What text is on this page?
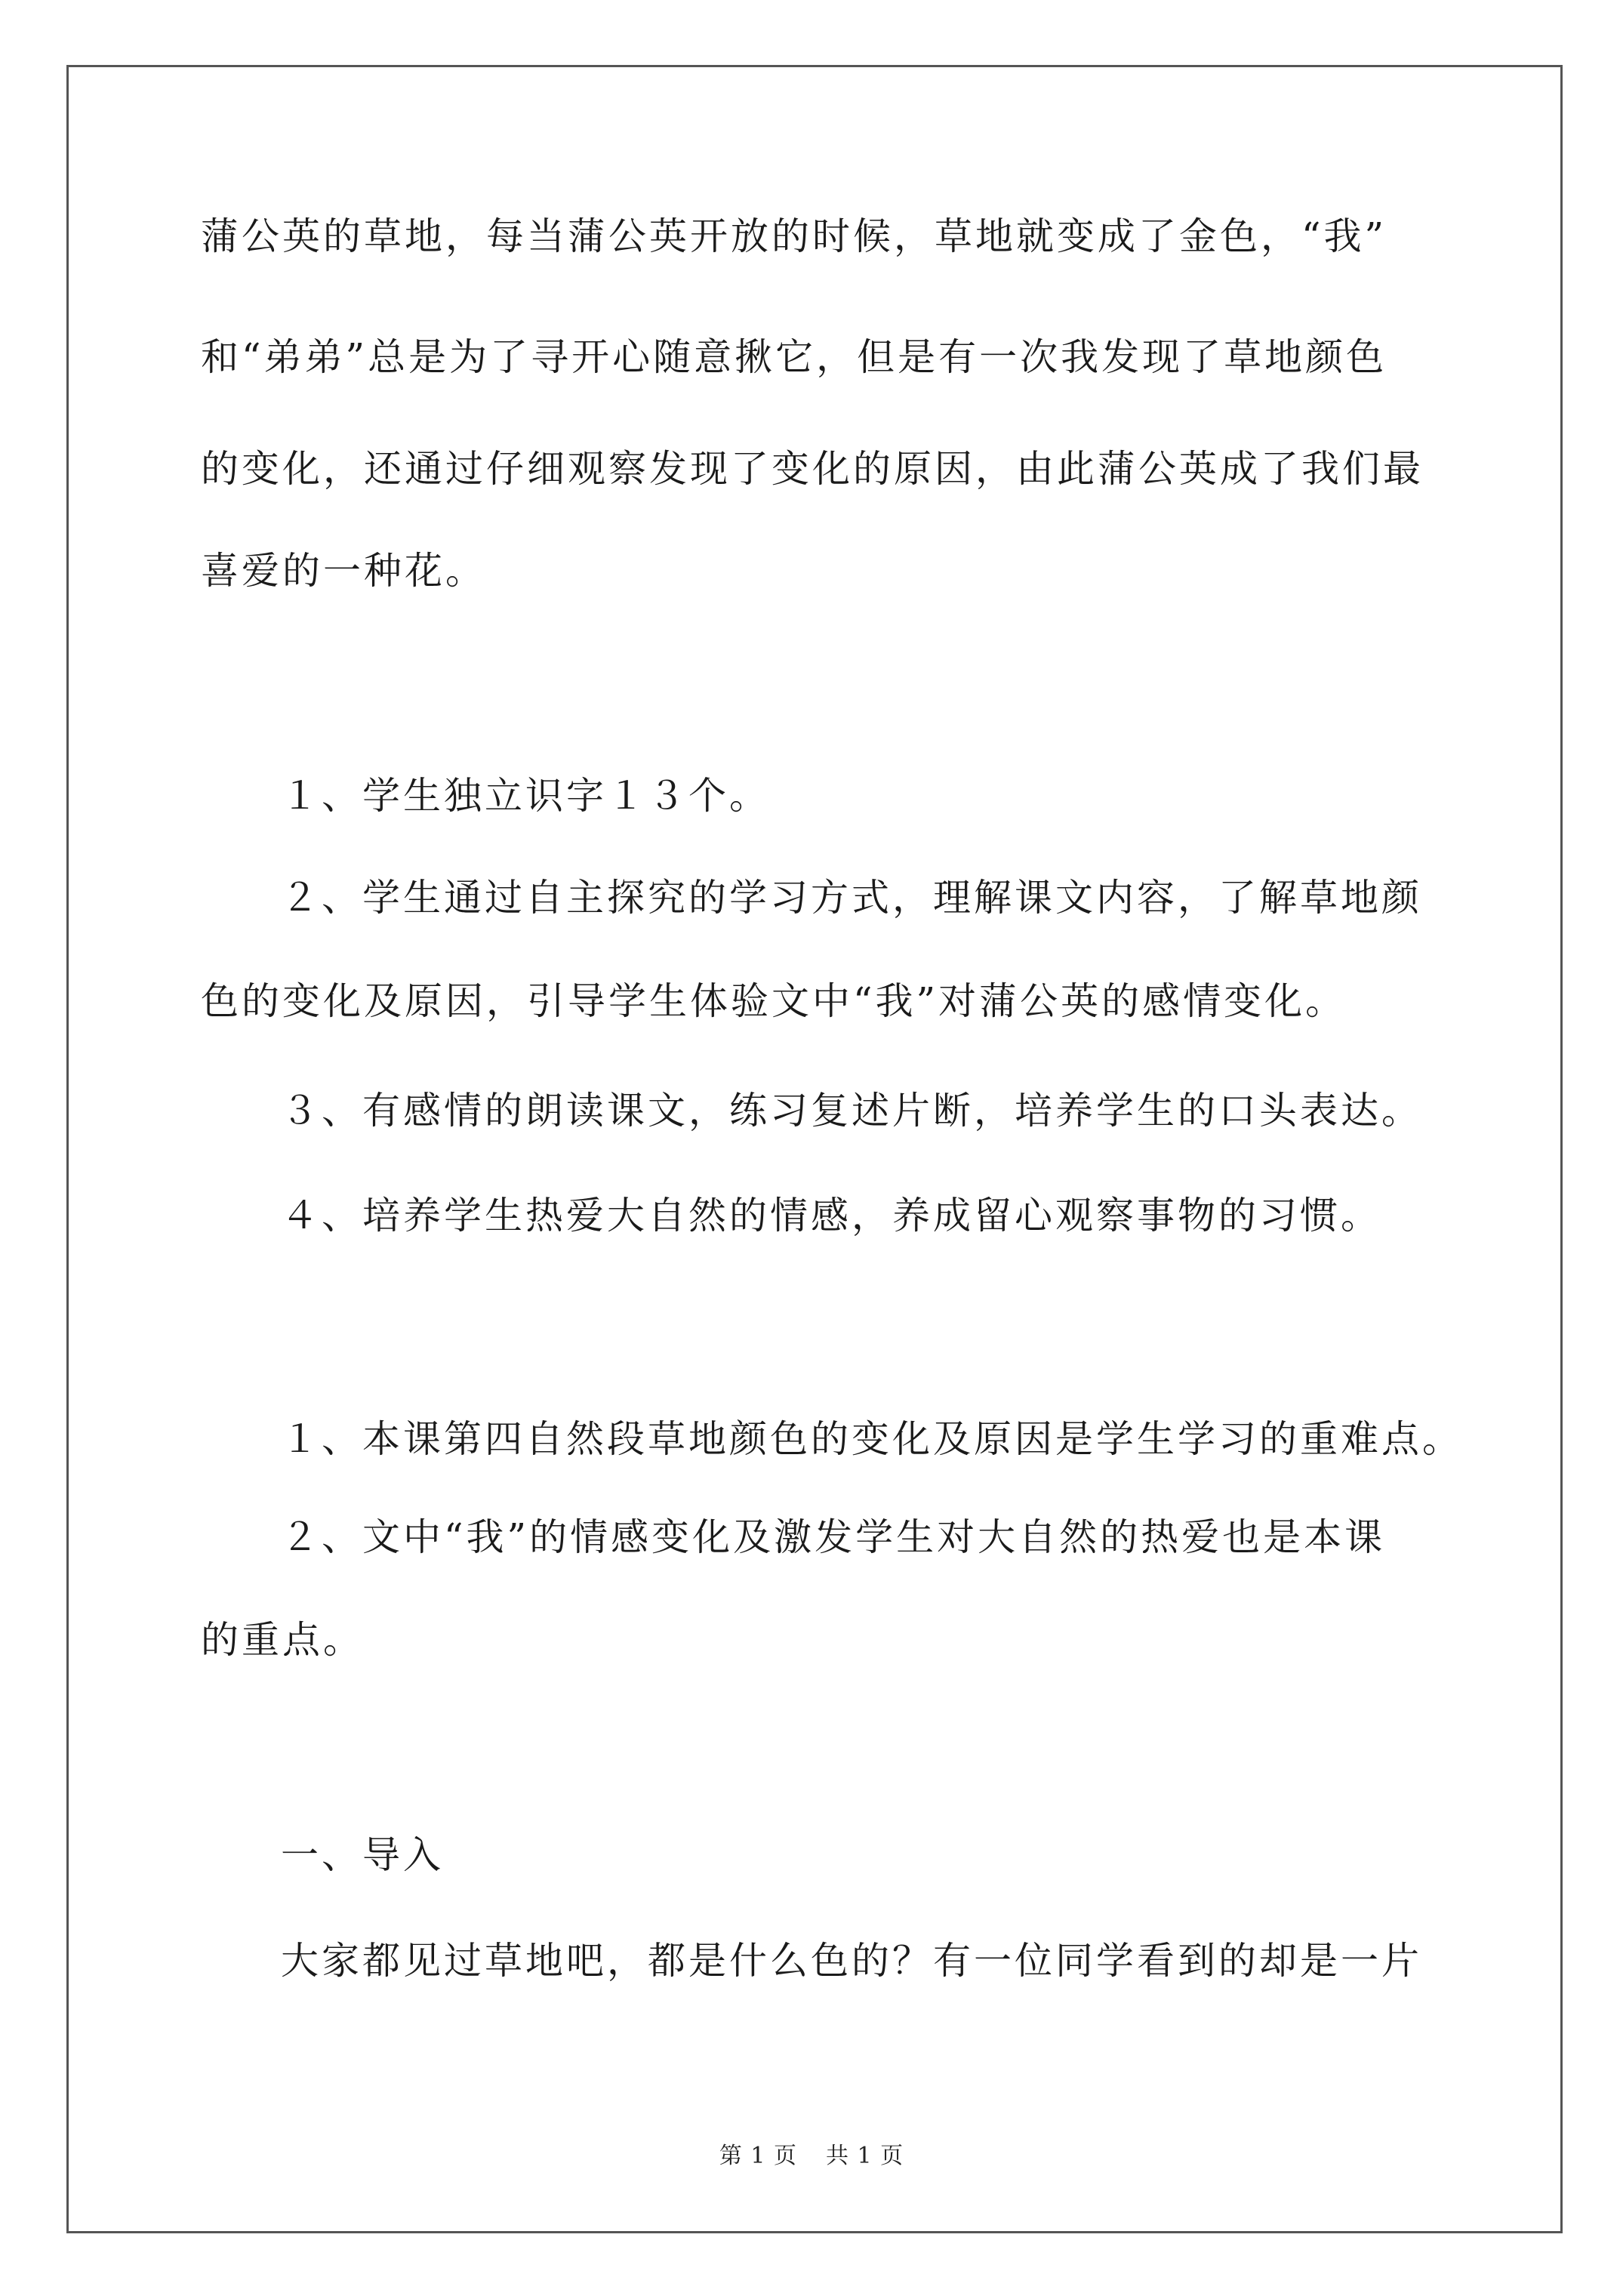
蒲公英的草地，每当蒲公英开放的时候，草地就变成了金色，“我”
和“弟弟”总是为了寻开心随意揪它，但是有一次我发现了草地颜色
的变化，还通过仔细观察发现了变化的原因，由此蒲公英成了我们最
喜爱的一种花。
１、学生独立识字１３个。
２、学生通过自主探究的学习方式，理解课文内容，了解草地颜
色的变化及原因，引导学生体验文中“我”对蒲公英的感情变化。
３、有感情的朗读课文，练习复述片断，培养学生的口头表达。
４、培养学生热爱大自然的情感，养成留心观察事物的习惯。
１、本课第四自然段草地颜色的变化及原因是学生学习的重难点。
２、文中“我”的情感变化及激发学生对大自然的热爱也是本课
的重点。
一、导入
大家都见过草地吧，都是什么色的？有一位同学看到的却是一片
第 1 页 共 1 页
